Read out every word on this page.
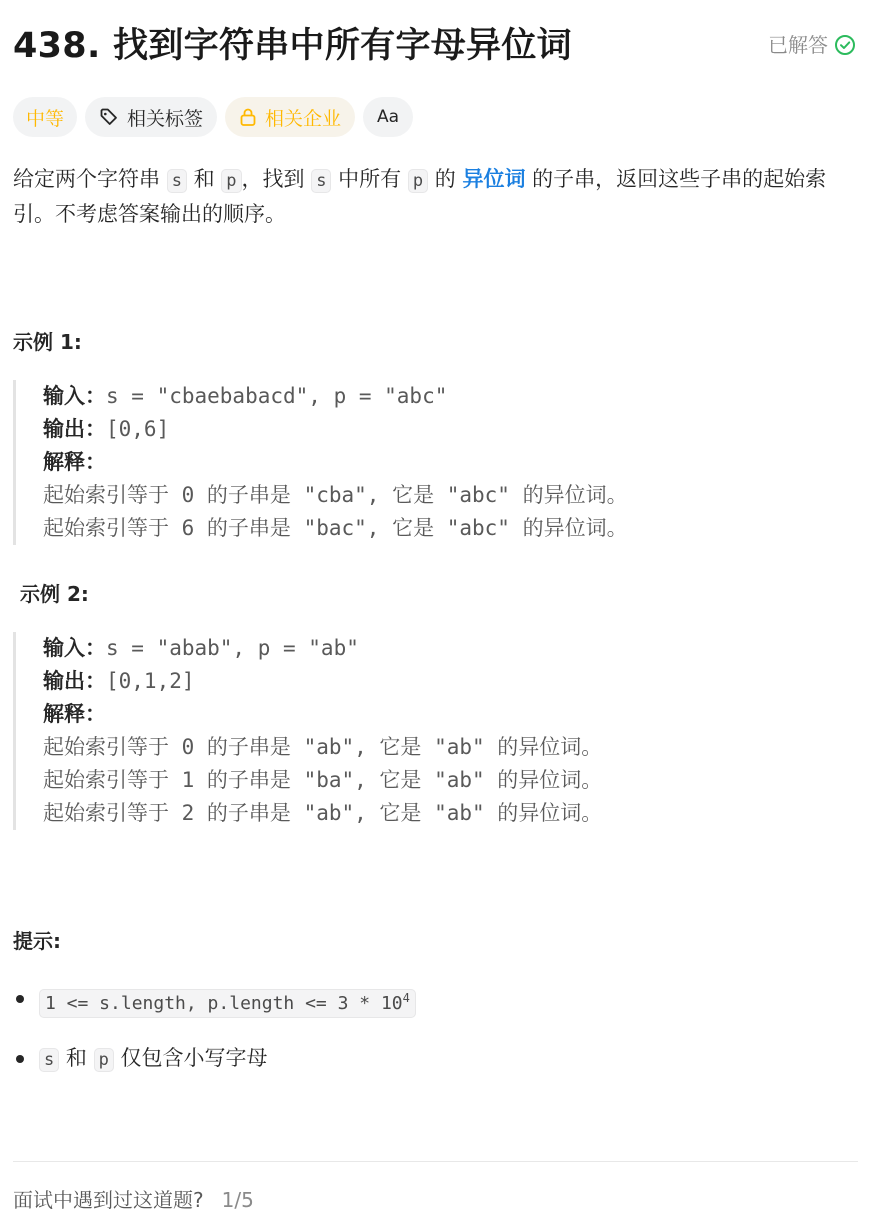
438. 找到字符串中所有字母异位词	已解答
中等	相关标签	相关企业 Aa
给定两个字符串 s 和 p ，找到 s 中所有 p 的 异位词 的子串，返回这些子串的起始索引。不考虑答案输出的顺序。
示例 1:
输入：s = "cbaebabacd", p = "abc"
输出：[0,6]
解释：
起始索引等于 0 的子串是 "cba", 它是 "abc" 的异位词。
起始索引等于 6 的子串是 "bac", 它是 "abc" 的异位词。
示例 2:
输入：s = "abab", p = "ab"
输出：[0,1,2]
解释：
起始索引等于 0 的子串是 "ab", 它是 "ab" 的异位词。
起始索引等于 1 的子串是 "ba", 它是 "ab" 的异位词。
起始索引等于 2 的子串是 "ab", 它是 "ab" 的异位词。
提示:
1 <= s.length, p.length <= $3 * 10^4$
s 和 p 仅包含小写字母
面试中遇到过这道题? 1/5
